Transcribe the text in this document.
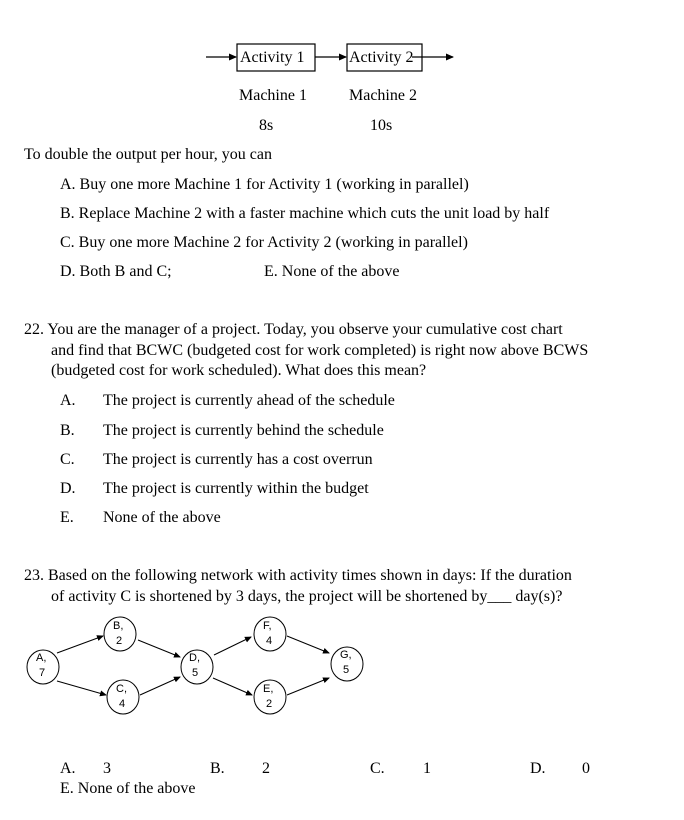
Activity 1	Activity 2
Machine 1	Machine 2
8s	10s
To double the output per hour, you can
A. Buy one more Machine 1 for Activity 1 (working in parallel)
B. Replace Machine 2 with a faster machine which cuts the unit load by half
C. Buy one more Machine 2 for Activity 2 (working in parallel)
D. Both B and C;	E. None of the above
22. You are the manager of a project. Today, you observe your cumulative cost chart
and find that BCWC (budgeted cost for work completed) is right now above BCWS
(budgeted cost for work scheduled). What does this mean?
A. The project is currently ahead of the schedule
B. The project is currently behind the schedule
C. The project is currently has a cost overrun
D. The project is currently within the budget
E. None of the above
23. Based on the following network with activity times shown in days: If the duration
of activity C is shortened by 3 days, the project will be shortened by___ day(s)?
A,
7
B,
2
C,
4
D,
5
F,
4
E,
2
G,
5
A. 3	B. 2	C. 1	D. 0
E. None of the above
